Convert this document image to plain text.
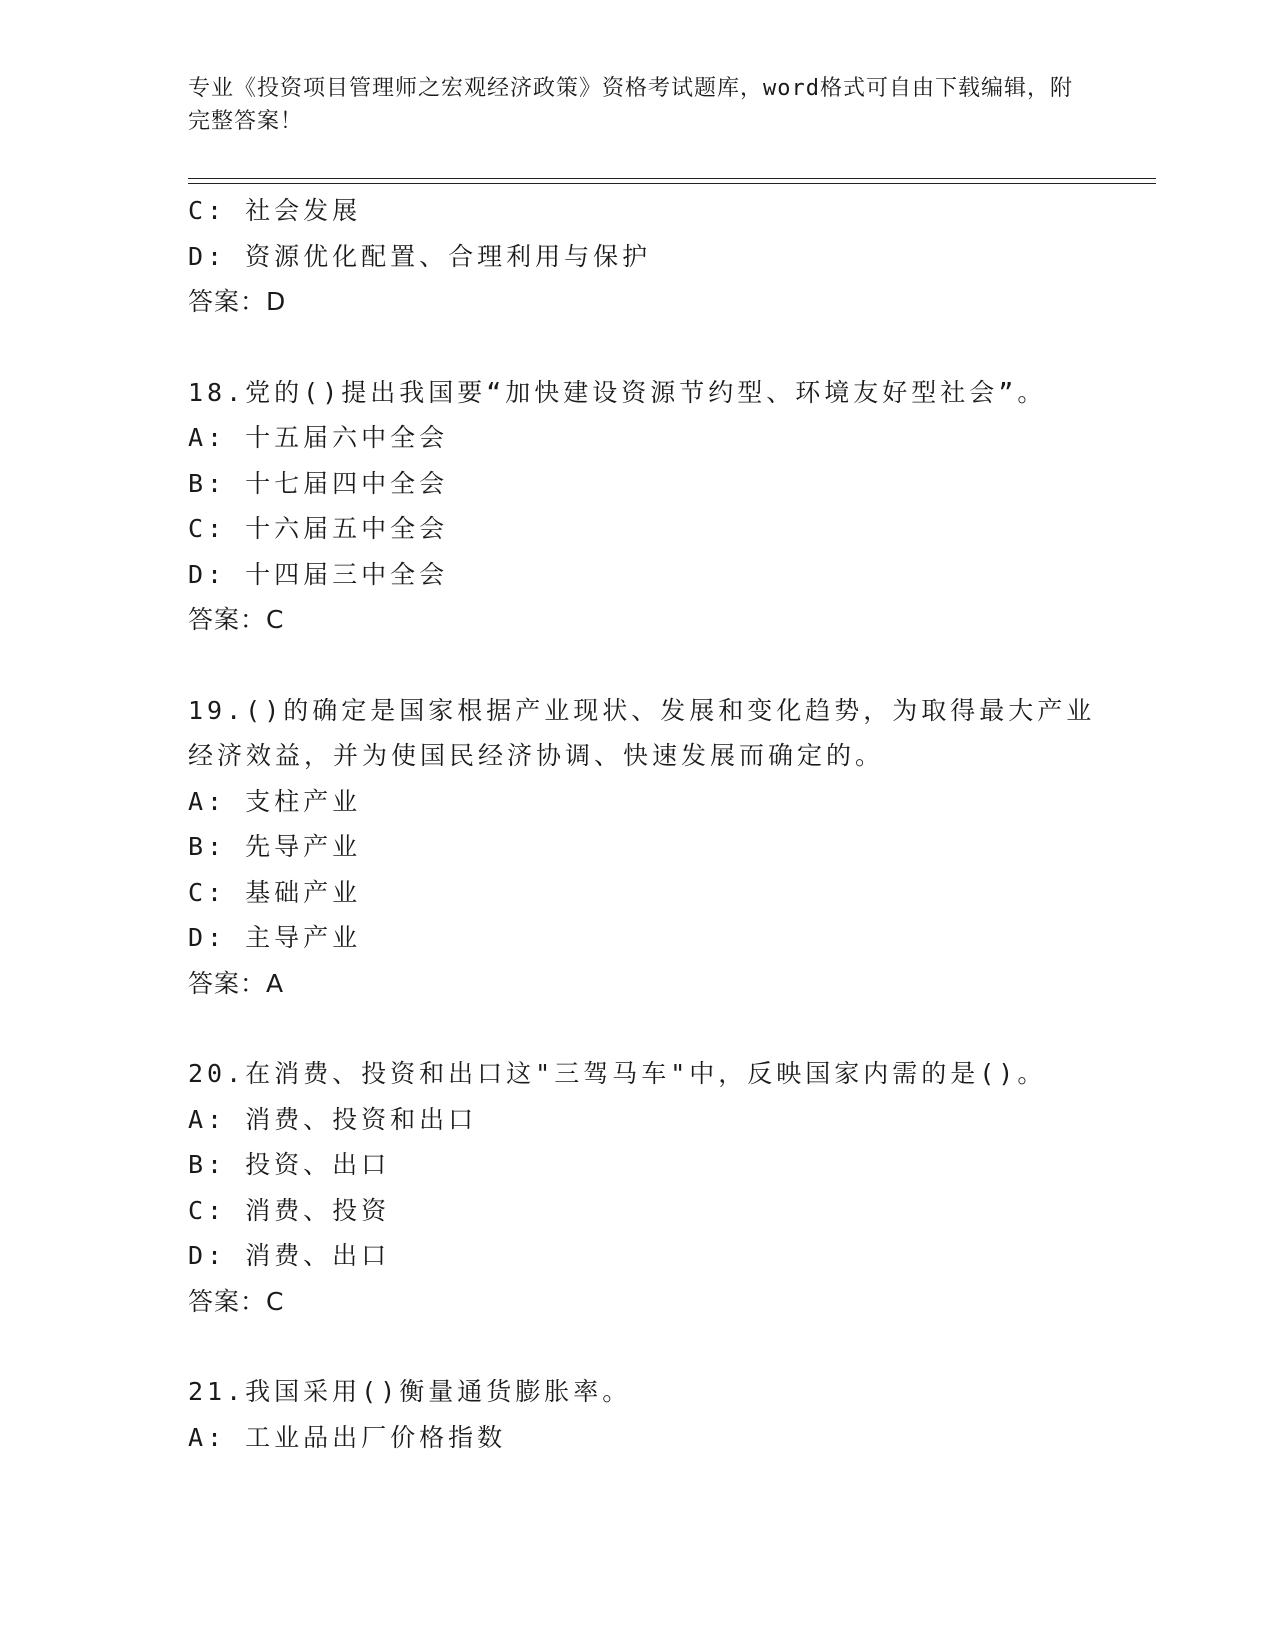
专业《投资项目管理师之宏观经济政策》资格考试题库，word格式可自由下载编辑，附完整答案！
C: 社会发展
D: 资源优化配置、合理利用与保护
答案：D
18.党的()提出我国要“加快建设资源节约型、环境友好型社会”。
A: 十五届六中全会
B: 十七届四中全会
C: 十六届五中全会
D: 十四届三中全会
答案：C
19.()的确定是国家根据产业现状、发展和变化趋势，为取得最大产业
经济效益，并为使国民经济协调、快速发展而确定的。
A: 支柱产业
B: 先导产业
C: 基础产业
D: 主导产业
答案：A
20.在消费、投资和出口这"三驾马车"中，反映国家内需的是()。
A: 消费、投资和出口
B: 投资、出口
C: 消费、投资
D: 消费、出口
答案：C
21.我国采用()衡量通货膨胀率。
A: 工业品出厂价格指数
